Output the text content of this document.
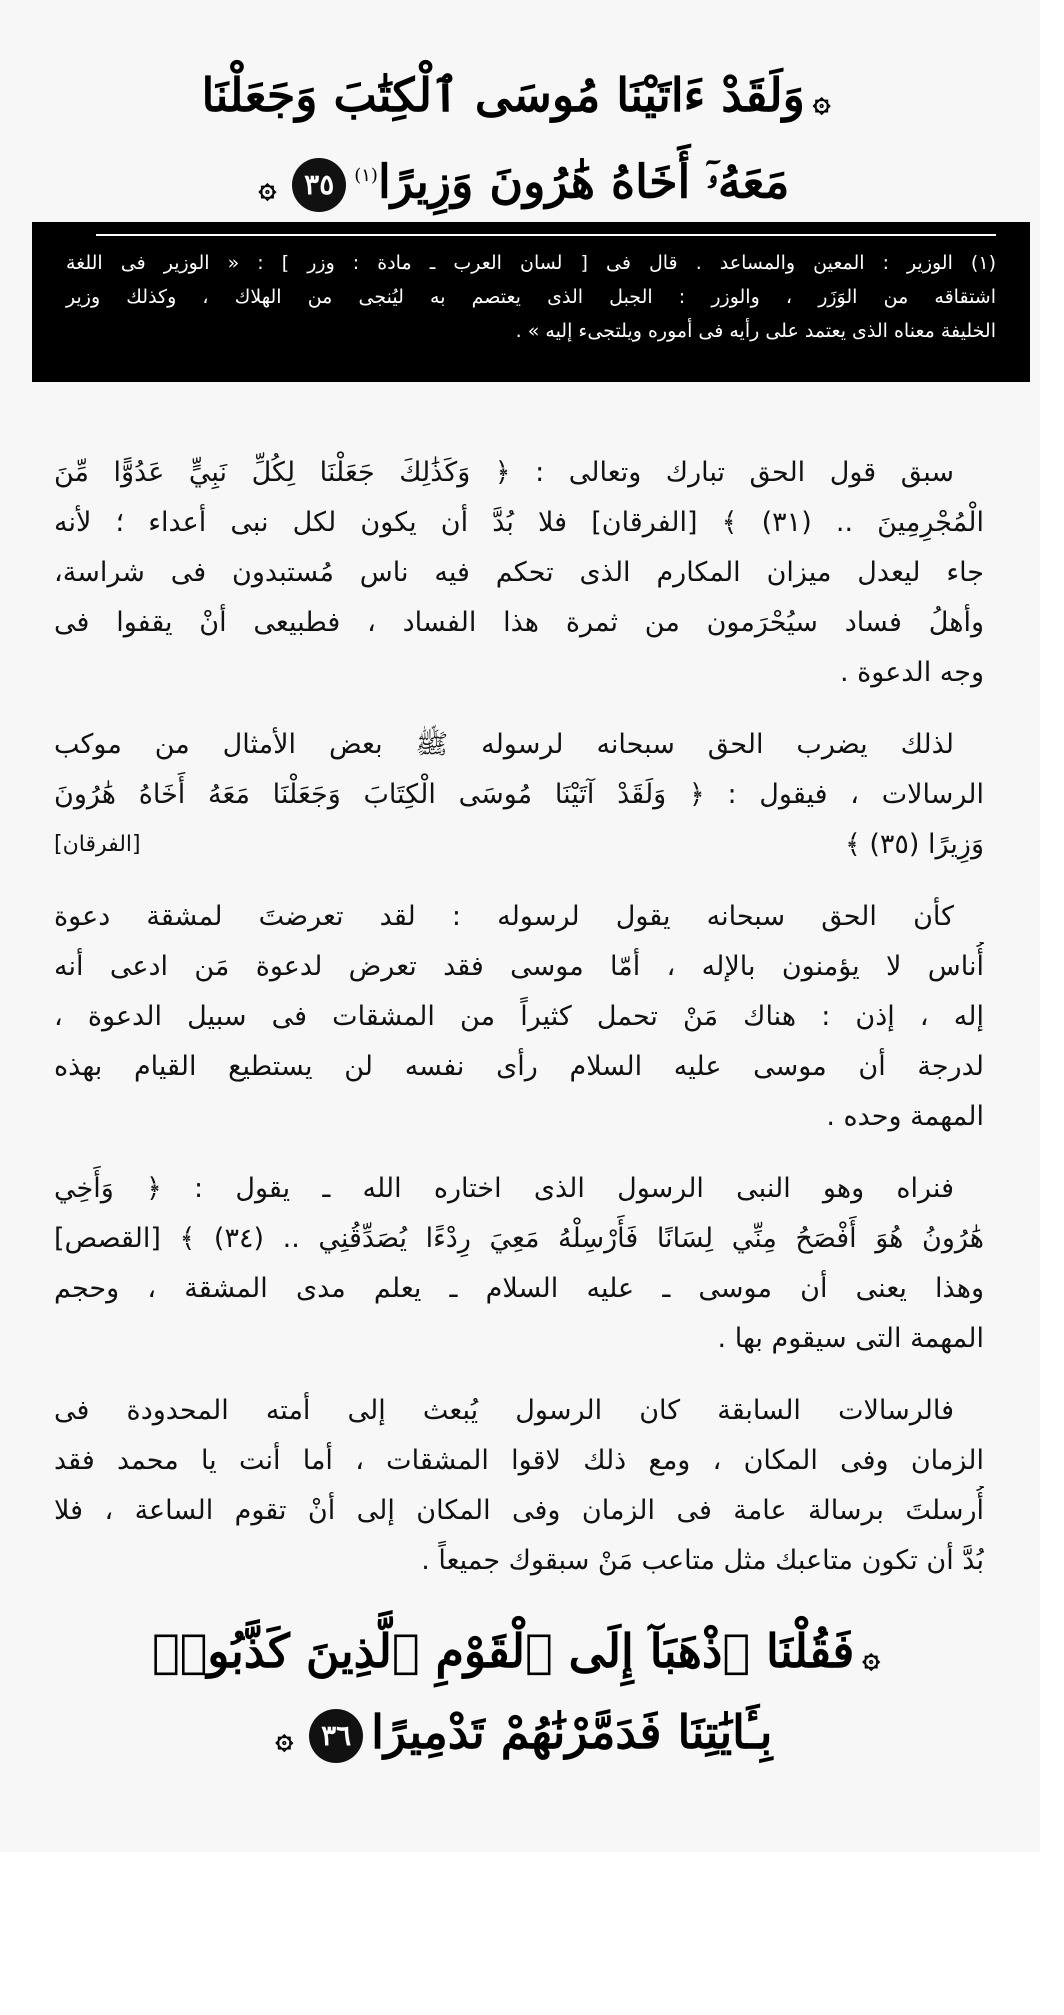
۞وَلَقَدْ ءَاتَيْنَا مُوسَى ٱلْكِتَٰبَ وَجَعَلْنَا
مَعَهُۥٓ أَخَاهُ هَٰرُونَ وَزِيرًا$^{(١)}$٣٥۞
(١) الوزير : المعين والمساعد . قال فى [ لسان العرب ـ مادة : وزر ] : « الوزير فى اللغة
اشتقاقه من الوَزَر ، والوزر : الجبل الذى يعتصم به ليُنجى من الهلاك ، وكذلك وزير
الخليفة معناه الذى يعتمد على رأيه فى أموره ويلتجىء إليه » .
سبق قول الحق تبارك وتعالى : ﴿ وَكَذَٰلِكَ جَعَلْنَا لِكُلِّ نَبِيٍّ عَدُوًّا مِّنَ
الْمُجْرِمِينَ .. (٣١) ﴾ [الفرقان] فلا بُدَّ أن يكون لكل نبى أعداء ؛ لأنه
جاء ليعدل ميزان المكارم الذى تحكم فيه ناس مُستبدون فى شراسة،
وأهلُ فساد سيُحْرَمون من ثمرة هذا الفساد ، فطبيعى أنْ يقفوا فى
وجه الدعوة .
لذلك يضرب الحق سبحانه لرسوله ﷺ بعض الأمثال من موكب
الرسالات ، فيقول : ﴿ وَلَقَدْ آتَيْنَا مُوسَى الْكِتَابَ وَجَعَلْنَا مَعَهُ أَخَاهُ هَٰرُونَ
وَزِيرًا (٣٥) ﴾
[الفرقان]
كأن الحق سبحانه يقول لرسوله : لقد تعرضتَ لمشقة دعوة
أُناس لا يؤمنون بالإله ، أمّا موسى فقد تعرض لدعوة مَن ادعى أنه
إله ، إذن : هناك مَنْ تحمل كثيراً من المشقات فى سبيل الدعوة ،
لدرجة أن موسى عليه السلام رأى نفسه لن يستطيع القيام بهذه
المهمة وحده .
فنراه وهو النبى الرسول الذى اختاره الله ـ يقول : ﴿ وَأَخِي
هَٰرُونُ هُوَ أَفْصَحُ مِنِّي لِسَانًا فَأَرْسِلْهُ مَعِيَ رِدْءًا يُصَدِّقُنِي .. (٣٤) ﴾ [القصص]
وهذا يعنى أن موسى ـ عليه السلام ـ يعلم مدى المشقة ، وحجم
المهمة التى سيقوم بها .
فالرسالات السابقة كان الرسول يُبعث إلى أمته المحدودة فى
الزمان وفى المكان ، ومع ذلك لاقوا المشقات ، أما أنت يا محمد فقد
أُرسلتَ برسالة عامة فى الزمان وفى المكان إلى أنْ تقوم الساعة ، فلا
بُدَّ أن تكون متاعبك مثل متاعب مَنْ سبقوك جميعاً .
۞فَقُلْنَا ٱذْهَبَآ إِلَى ٱلْقَوْمِ ٱلَّذِينَ كَذَّبُوا۟
بِـَٔايَٰتِنَا فَدَمَّرْنَٰهُمْ تَدْمِيرًا٣٦۞
